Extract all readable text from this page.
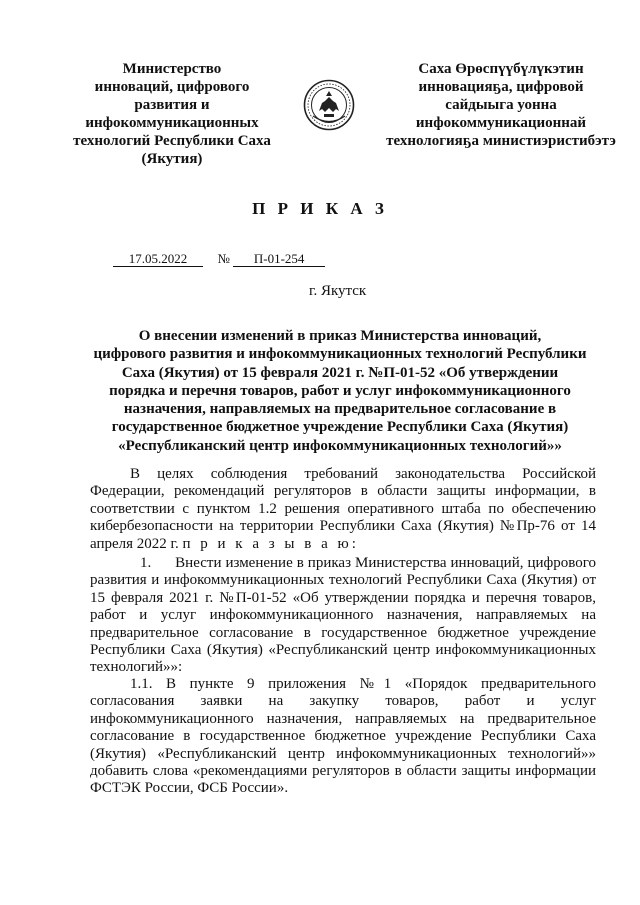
Министерство
инноваций, цифрового
развития и
инфокоммуникационных
технологий Республики Саха
(Якутия)
Саха Өрөспүүбүлүкэтин
инновацияҕа, цифровой
сайдыыга уонна
инфокоммуникационнай
технологияҕа министиэристибэтэ
П Р И К А З
17.05.2022 № П-01-254
г. Якутск
О внесении изменений в приказ Министерства инноваций,
цифрового развития и инфокоммуникационных технологий Республики
Саха (Якутия) от 15 февраля 2021 г. №П-01-52 «Об утверждении
порядка и перечня товаров, работ и услуг инфокоммуникационного
назначения, направляемых на предварительное согласование в
государственное бюджетное учреждение Республики Саха (Якутия)
«Республиканский центр инфокоммуникационных технологий»»

В целях соблюдения требований законодательства Российской Федерации, рекомендаций регуляторов в области защиты информации, в соответствии с пунктом 1.2 решения оперативного штаба по обеспечению кибербезопасности на территории Республики Саха (Якутия) №Пр-76 от 14 апреля 2022 г. п р и к а з ы в а ю:

1.      Внести изменение в приказ Министерства инноваций, цифрового развития и инфокоммуникационных технологий Республики Саха (Якутия) от 15 февраля 2021 г. №П-01-52 «Об утверждении порядка и перечня товаров, работ и услуг инфокоммуникационного назначения, направляемых на предварительное согласование в государственное бюджетное учреждение Республики Саха (Якутия) «Республиканский центр инфокоммуникационных технологий»»:

1.1. В пункте 9 приложения №1 «Порядок предварительного согласования заявки на закупку товаров, работ и услуг инфокоммуникационного назначения, направляемых на предварительное согласование в государственное бюджетное учреждение Республики Саха (Якутия) «Республиканский центр инфокоммуникационных технологий»» добавить слова «рекомендациями регуляторов в области защиты информации ФСТЭК России, ФСБ России».
